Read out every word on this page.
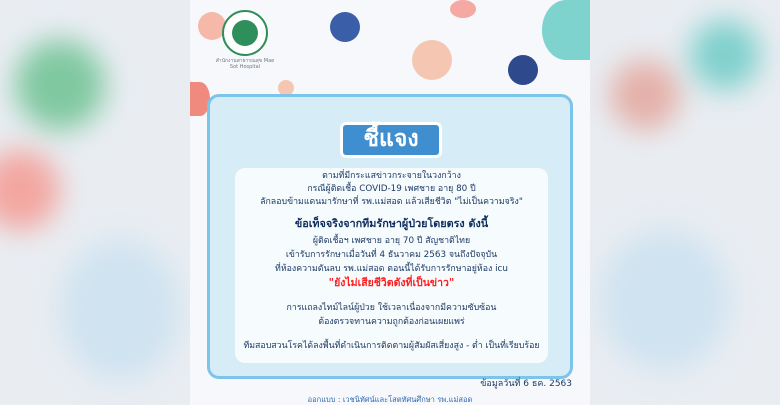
สำนักงานสาธารณสุข Mae Sot Hospital
ชี้แจง
ตามที่มีกระแสข่าวกระจายในวงกว้าง
กรณีผู้ติดเชื้อ COVID-19 เพศชาย อายุ 80 ปี
ลักลอบข้ามแดนมารักษาที่ รพ.แม่สอด แล้วเสียชีวิต "ไม่เป็นความจริง"
ข้อเท็จจริงจากทีมรักษาผู้ป่วยโดยตรง ดังนี้
ผู้ติดเชื้อฯ เพศชาย อายุ 70 ปี สัญชาติไทย
เข้ารับการรักษาเมื่อวันที่ 4 ธันวาคม 2563 จนถึงปัจจุบัน
ที่ห้องความดันลบ รพ.แม่สอด ตอนนี้ได้รับการรักษาอยู่ห้อง icu
"ยังไม่เสียชีวิตดังที่เป็นข่าว"
การแถลงไทม์ไลน์ผู้ป่วย ใช้เวลาเนื่องจากมีความซับซ้อน
ต้องตรวจทานความถูกต้องก่อนเผยแพร่
ทีมสอบสวนโรคได้ลงพื้นที่ดำเนินการติดตามผู้สัมผัสเสี่ยงสูง - ต่ำ เป็นที่เรียบร้อย
ข้อมูลวันที่ 6 ธค. 2563
ออกแบบ : เวชนิทัศน์และโสตทัศนศึกษา รพ.แม่สอด
